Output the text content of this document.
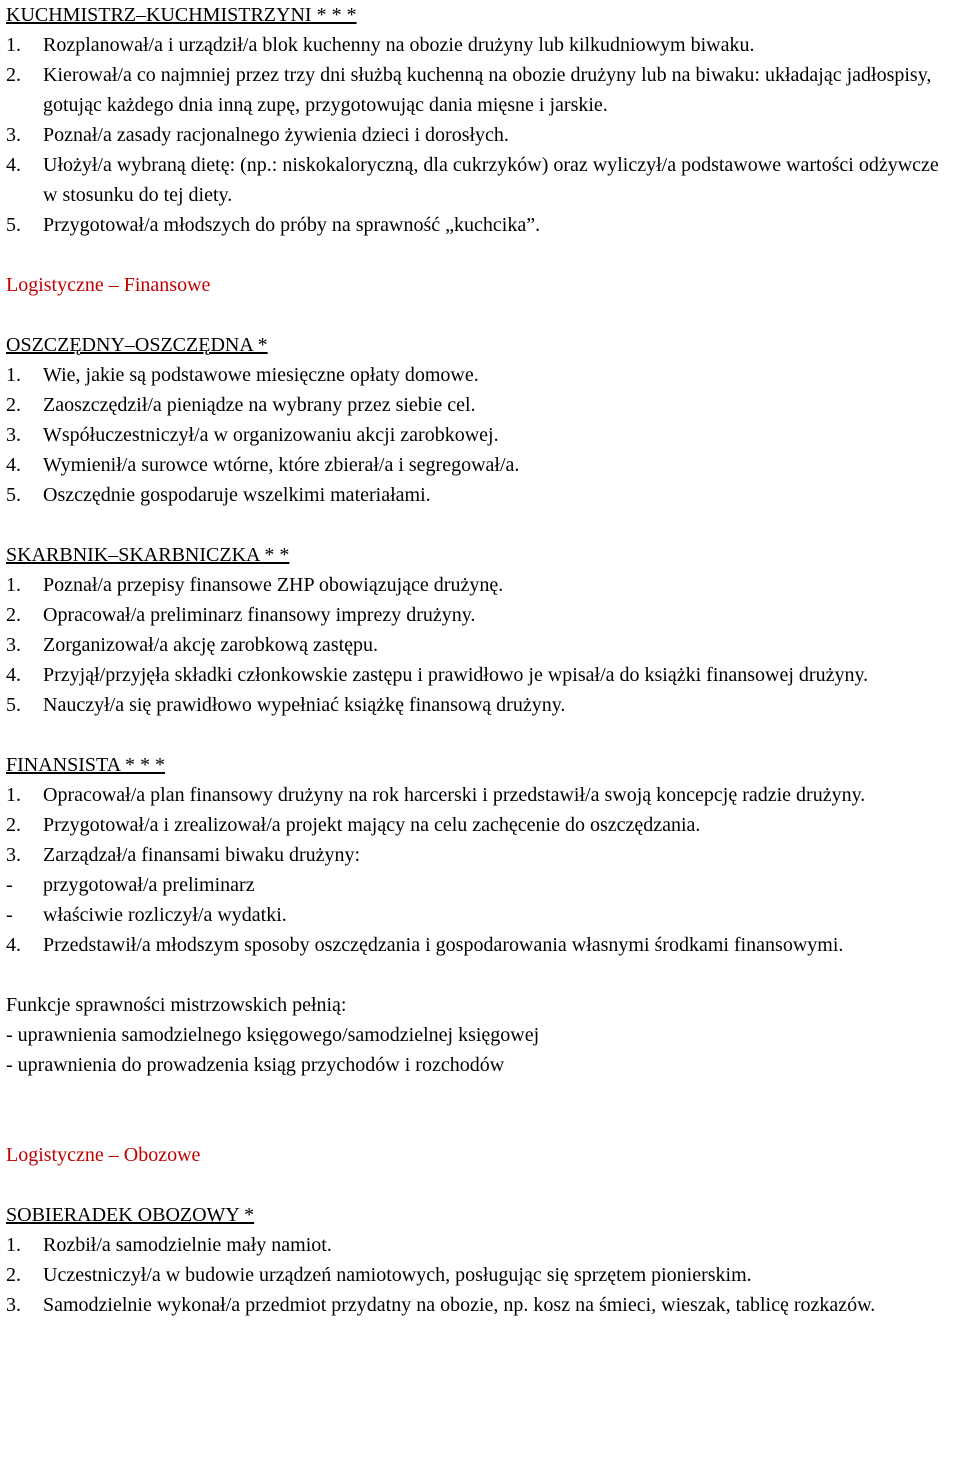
KUCHMISTRZ–KUCHMISTRZYNI * * *
1.	Rozplanował/a i urządził/a blok kuchenny na obozie drużyny lub kilkudniowym biwaku.
2.	Kierował/a co najmniej przez trzy dni służbą kuchenną na obozie drużyny lub na biwaku: układając jadłospisy, gotując każdego dnia inną zupę, przygotowując dania mięsne i jarskie.
3.	Poznał/a zasady racjonalnego żywienia dzieci i dorosłych.
4.	Ułożył/a wybraną dietę: (np.: niskokaloryczną, dla cukrzyków) oraz wyliczył/a podstawowe wartości odżywcze w stosunku do tej diety.
5.	Przygotował/a młodszych do próby na sprawność „kuchcika”.
Logistyczne – Finansowe
OSZCZĘDNY–OSZCZĘDNA *
1.	Wie, jakie są podstawowe miesięczne opłaty domowe.
2.	Zaoszczędził/a pieniądze na wybrany przez siebie cel.
3.	Współuczestniczył/a w organizowaniu akcji zarobkowej.
4.	Wymienił/a surowce wtórne, które zbierał/a i segregował/a.
5.	Oszczędnie gospodaruje wszelkimi materiałami.
SKARBNIK–SKARBNICZKA * *
1.	Poznał/a przepisy finansowe ZHP obowiązujące drużynę.
2.	Opracował/a preliminarz finansowy imprezy drużyny.
3.	Zorganizował/a akcję zarobkową zastępu.
4.	Przyjął/przyjęła składki członkowskie zastępu i prawidłowo je wpisał/a do książki finansowej drużyny.
5.	Nauczył/a się prawidłowo wypełniać książkę finansową drużyny.
FINANSISTA * * *
1.	Opracował/a plan finansowy drużyny na rok harcerski i przedstawił/a swoją koncepcję radzie drużyny.
2.	Przygotował/a i zrealizował/a projekt mający na celu zachęcenie do oszczędzania.
3.	Zarządzał/a finansami biwaku drużyny:
-	przygotował/a preliminarz
-	właściwie rozliczył/a wydatki.
4.	Przedstawił/a młodszym sposoby oszczędzania i gospodarowania własnymi środkami finansowymi.
Funkcje sprawności mistrzowskich pełnią:
- uprawnienia samodzielnego księgowego/samodzielnej księgowej
- uprawnienia do prowadzenia ksiąg przychodów i rozchodów
Logistyczne – Obozowe
SOBIERADEK OBOZOWY *
1.	Rozbił/a samodzielnie mały namiot.
2.	Uczestniczył/a w budowie urządzeń namiotowych, posługując się sprzętem pionierskim.
3.	Samodzielnie wykonał/a przedmiot przydatny na obozie, np. kosz na śmieci, wieszak, tablicę rozkazów.
